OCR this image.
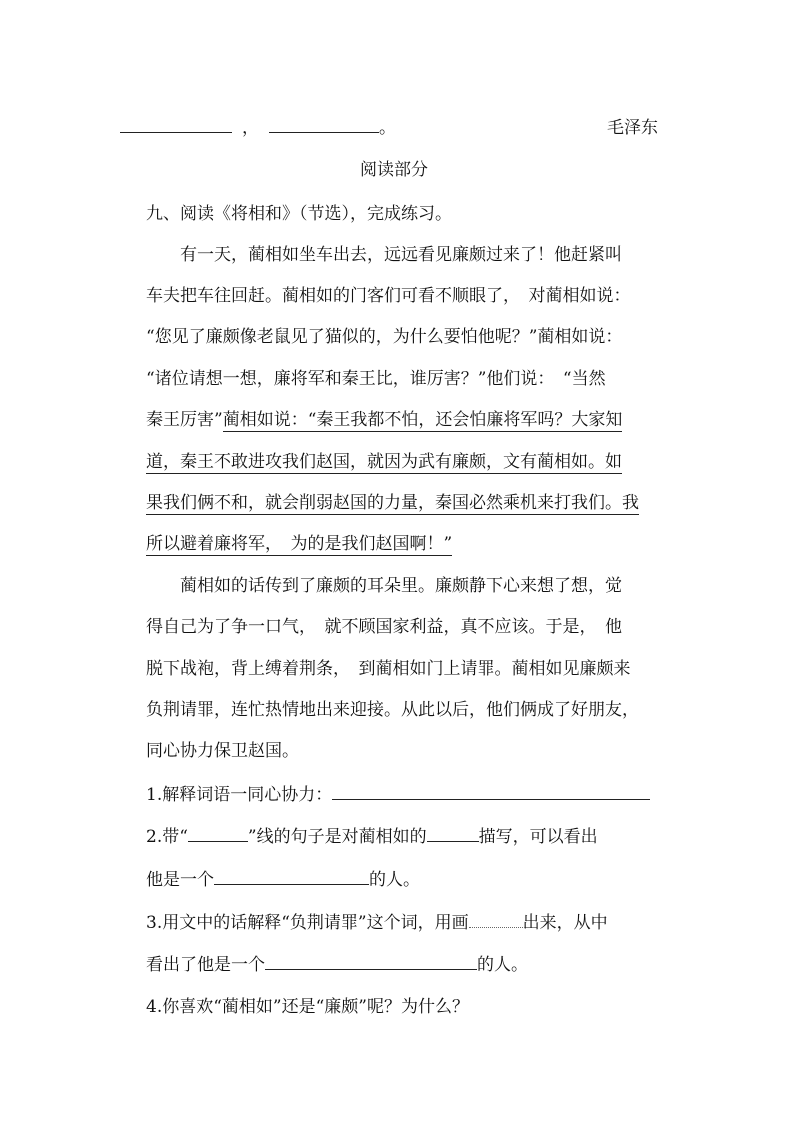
，	。	毛泽东
阅读部分
九、阅读《将相和》（节选），完成练习。
有一天，蔺相如坐车出去，远远看见廉颇过来了！他赶紧叫
车夫把车往回赶。蔺相如的门客们可看不顺眼了，　对蔺相如说：
“您见了廉颇像老鼠见了猫似的，为什么要怕他呢？”蔺相如说：
“诸位请想一想，廉将军和秦王比，谁厉害？”他们说：　“当然
秦王厉害”蔺相如说：“秦王我都不怕，还会怕廉将军吗？大家知
道，秦王不敢进攻我们赵国，就因为武有廉颇，文有蔺相如。如
果我们俩不和，就会削弱赵国的力量，秦国必然乘机来打我们。我
所以避着廉将军，　为的是我们赵国啊！”
蔺相如的话传到了廉颇的耳朵里。廉颇静下心来想了想，觉
得自己为了争一口气，　就不顾国家利益，真不应该。于是，　他
脱下战袍，背上缚着荆条，　到蔺相如门上请罪。蔺相如见廉颇来
负荆请罪，连忙热情地出来迎接。从此以后，他们俩成了好朋友，
同心协力保卫赵国。
1.解释词语一同心协力：
2.带“	”线的句子是对蔺相如的	描写，可以看出
他是一个	的人。
3.用文中的话解释“负荆请罪”这个词，用画	出来，从中
看出了他是一个	的人。
4.你喜欢“蔺相如”还是“廉颇”呢？为什么？
